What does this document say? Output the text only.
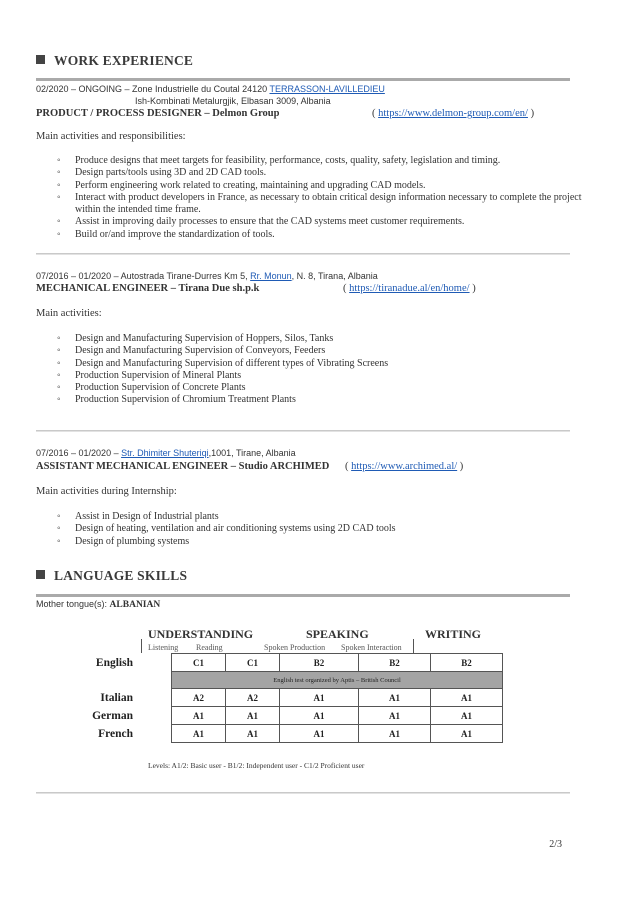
WORK EXPERIENCE
02/2020 – ONGOING – Zone Industrielle du Coutal 24120 TERRASSON-LAVILLEDIEU
Ish-Kombinati Metalurgjik, Elbasan 3009, Albania
PRODUCT / PROCESS DESIGNER – Delmon Group	( https://www.delmon-group.com/en/ )
Main activities and responsibilities:
◦ Produce designs that meet targets for feasibility, performance, costs, quality, safety, legislation and timing.
◦ Design parts/tools using 3D and 2D CAD tools.
◦ Perform engineering work related to creating, maintaining and upgrading CAD models.
◦ Interact with product developers in France, as necessary to obtain critical design information necessary to complete the project within the intended time frame.
◦ Assist in improving daily processes to ensure that the CAD systems meet customer requirements.
◦ Build or/and improve the standardization of tools.
07/2016 – 01/2020 – Autostrada Tirane-Durres Km 5, Rr. Monun, N. 8, Tirana, Albania
MECHANICAL ENGINEER – Tirana Due sh.p.k	( https://tiranadue.al/en/home/ )
Main activities:
◦ Design and Manufacturing Supervision of Hoppers, Silos, Tanks
◦ Design and Manufacturing Supervision of Conveyors, Feeders
◦ Design and Manufacturing Supervision of different types of Vibrating Screens
◦ Production Supervision of Mineral Plants
◦ Production Supervision of Concrete Plants
◦ Production Supervision of Chromium Treatment Plants
07/2016 – 01/2020 – Str. Dhimiter Shuteriqi,1001, Tirane, Albania
ASSISTANT MECHANICAL ENGINEER – Studio ARCHIMED ( https://www.archimed.al/ )
Main activities during Internship:
◦ Assist in Design of Industrial plants
◦ Design of heating, ventilation and air conditioning systems using 2D CAD tools
◦ Design of plumbing systems
LANGUAGE SKILLS
Mother tongue(s): ALBANIAN
UNDERSTANDING	SPEAKING	WRITING
Listening Reading	Spoken Production Spoken Interaction
English	C1	C1	B2	B2	B2
	English test organized by Aptis – British Council				
Italian	A2	A2	A1	A1	A1
German	A1	A1	A1	A1	A1
French	A1	A1	A1	A1	A1
Levels: A1/2: Basic user - B1/2: Independent user - C1/2 Proficient user
2/3
